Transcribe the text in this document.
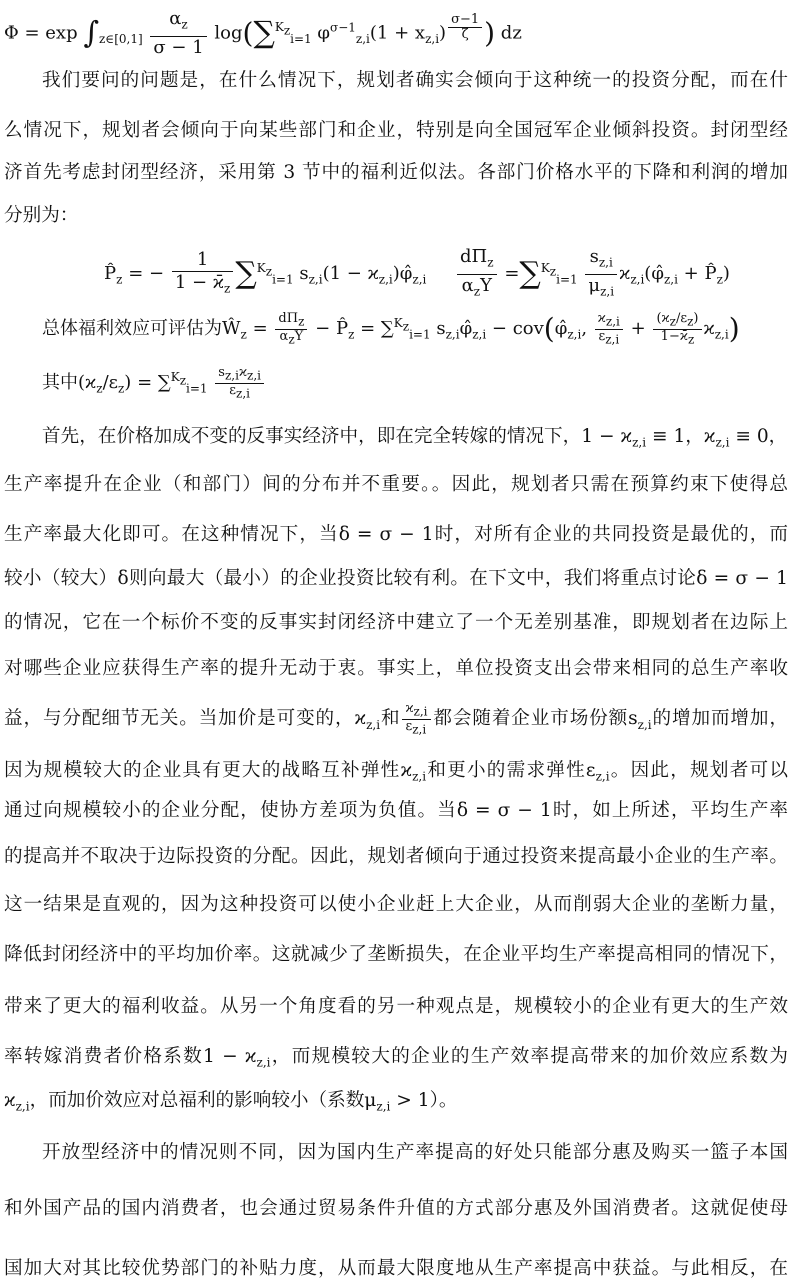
$\Phi = \exp \int_{z\in[0,1]} \frac{\alpha_z}{\sigma - 1} \log(\sum^{K_z}_{i=1}$ $\varphi^{\sigma-1}_{z,i}(1 + x_{z,i})$ $^{\frac{\sigma-1}{\zeta}}$ ) dz
我们要问的问题是，在什么情况下，规划者确实会倾向于这种统一的投资分配，而在什
么情况下，规划者会倾向于向某些部门和企业，特别是向全国冠军企业倾斜投资。封闭型经
济首先考虑封闭型经济，采用第 3 节中的福利近似法。各部门价格水平的下降和利润的增加
分别为：
$P̂_z$ = − $\frac{1}{1 - ϰ̄_z} \sum^{K_z}_{i=1}$ $s_{z,i}(1$ − $ϰ_{z,i})\varphî_{z,i} \frac{d\Pi_z}{\alpha_zY} =\sum^{K_z}_{i=1} \frac{s_{z,i}}{\mu_{z,i}}$ $ϰ_{z,i}(\varphî_{z,i}$ + $P̂_z$)
总体福利效应可评估为$Ŵ_z = \frac{d\Pi_z}{\alpha_zY}$ − $P̂_z = \sum^{K_z}_{i=1}$ $s_{z,i}\varphî_{z,i}$ − $cov(\varphî_{z,i}$, $\frac{ϰ_{z,i}}{\varepsilon_{z,i}} + \frac{(ϰ_z/\varepsilon_z)}{1-ϰ̄_z} ϰ_{z,i}$)
其中$(ϰ_z/\varepsilon_z) = \sum^{K_z}_{i=1} \frac{s_{z,i}ϰ_{z,i}}{\varepsilon_{z,i}}$
首先，在价格加成不变的反事实经济中，即在完全转嫁的情况下，$1 - ϰ_{z,i} \equiv 1$，$ϰ_{z,i} \equiv 0$，
生产率提升在企业（和部门）间的分布并不重要。。因此，规划者只需在预算约束下使得总
生产率最大化即可。在这种情况下，当δ = σ − 1时，对所有企业的共同投资是最优的，而
较小（较大）δ则向最大（最小）的企业投资比较有利。在下文中，我们将重点讨论δ = σ − 1
的情况，它在一个标价不变的反事实封闭经济中建立了一个无差别基准，即规划者在边际上
对哪些企业应获得生产率的提升无动于衷。事实上，单位投资支出会带来相同的总生产率收
益，与分配细节无关。当加价是可变的，$ϰ_{z,i}$和 $\frac{ϰ_{z,i}}{\varepsilon_{z,i}}$ 都会随着企业市场份额$s_{z,i}$的增加而增加，
因为规模较大的企业具有更大的战略互补弹性$ϰ_{z,i}$和更小的需求弹性$\varepsilon_{z,i}$。因此，规划者可以
通过向规模较小的企业分配，使协方差项为负值。当δ = σ − 1时，如上所述，平均生产率
的提高并不取决于边际投资的分配。因此，规划者倾向于通过投资来提高最小企业的生产率。
这一结果是直观的，因为这种投资可以使小企业赶上大企业，从而削弱大企业的垄断力量，
降低封闭经济中的平均加价率。这就减少了垄断损失，在企业平均生产率提高相同的情况下，
带来了更大的福利收益。从另一个角度看的另一种观点是，规模较小的企业有更大的生产效
率转嫁消费者价格系数$1 - ϰ_{z,i}$，而规模较大的企业的生产效率提高带来的加价效应系数为
$ϰ_{z,i}$，而加价效应对总福利的影响较小（系数$\mu_{z,i} > 1$）。
开放型经济中的情况则不同，因为国内生产率提高的好处只能部分惠及购买一篮子本国
和外国产品的国内消费者，也会通过贸易条件升值的方式部分惠及外国消费者。这就促使母
国加大对其比较优势部门的补贴力度，从而最大限度地从生产率提高中获益。与此相反，在
